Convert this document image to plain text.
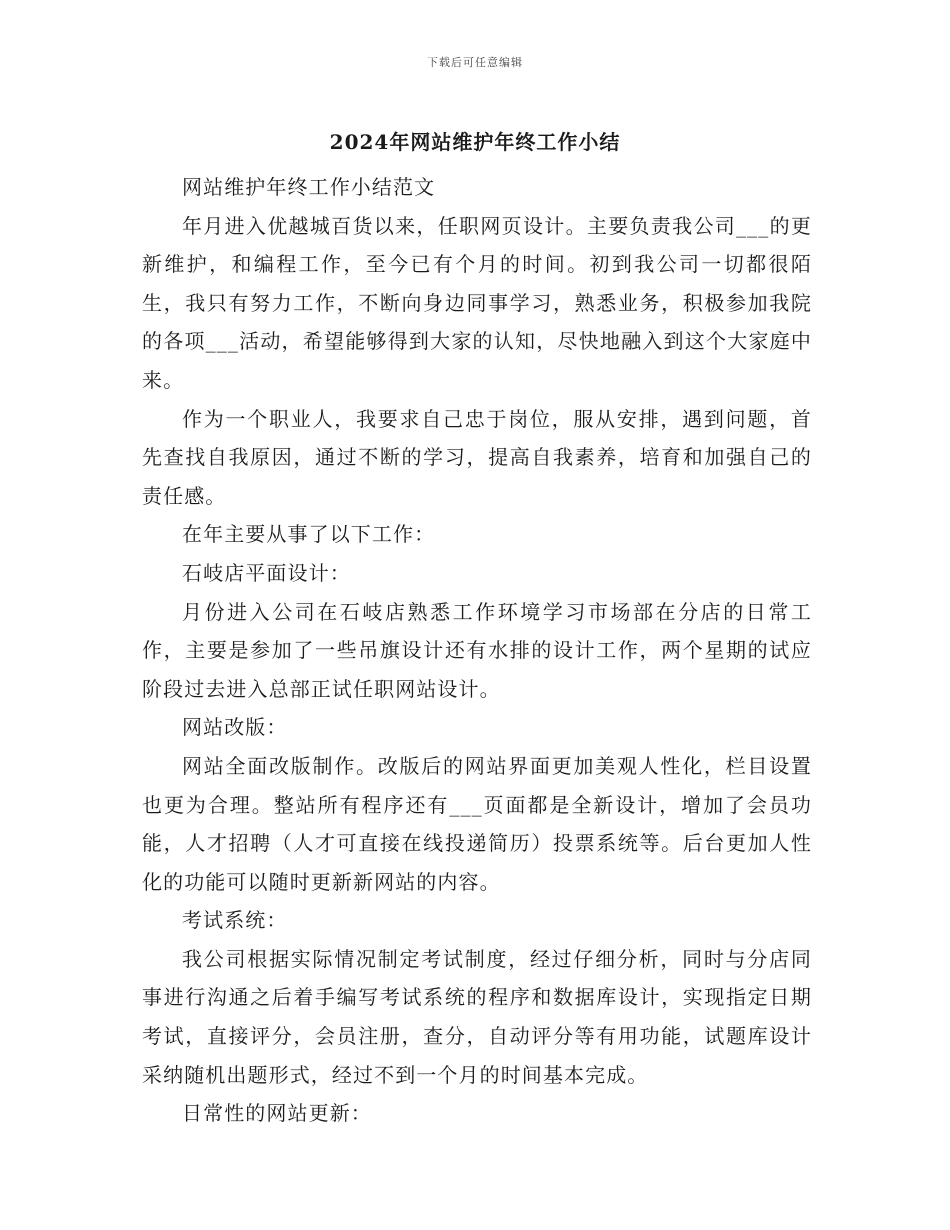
下载后可任意编辑
2024年网站维护年终工作小结

网站维护年终工作小结范文

年月进入优越城百货以来，任职网页设计。主要负责我公司___的更新维护，和编程工作，至今已有个月的时间。初到我公司一切都很陌生，我只有努力工作，不断向身边同事学习，熟悉业务，积极参加我院的各项___活动，希望能够得到大家的认知，尽快地融入到这个大家庭中来。

作为一个职业人，我要求自己忠于岗位，服从安排，遇到问题，首先查找自我原因，通过不断的学习，提高自我素养，培育和加强自己的责任感。

在年主要从事了以下工作：

石岐店平面设计：

月份进入公司在石岐店熟悉工作环境学习市场部在分店的日常工作，主要是参加了一些吊旗设计还有水排的设计工作，两个星期的试应阶段过去进入总部正试任职网站设计。

网站改版：

网站全面改版制作。改版后的网站界面更加美观人性化，栏目设置也更为合理。整站所有程序还有___页面都是全新设计，增加了会员功能，人才招聘（人才可直接在线投递简历）投票系统等。后台更加人性化的功能可以随时更新新网站的内容。

考试系统：

我公司根据实际情况制定考试制度，经过仔细分析，同时与分店同事进行沟通之后着手编写考试系统的程序和数据库设计，实现指定日期考试，直接评分，会员注册，查分，自动评分等有用功能，试题库设计采纳随机出题形式，经过不到一个月的时间基本完成。

日常性的网站更新：
